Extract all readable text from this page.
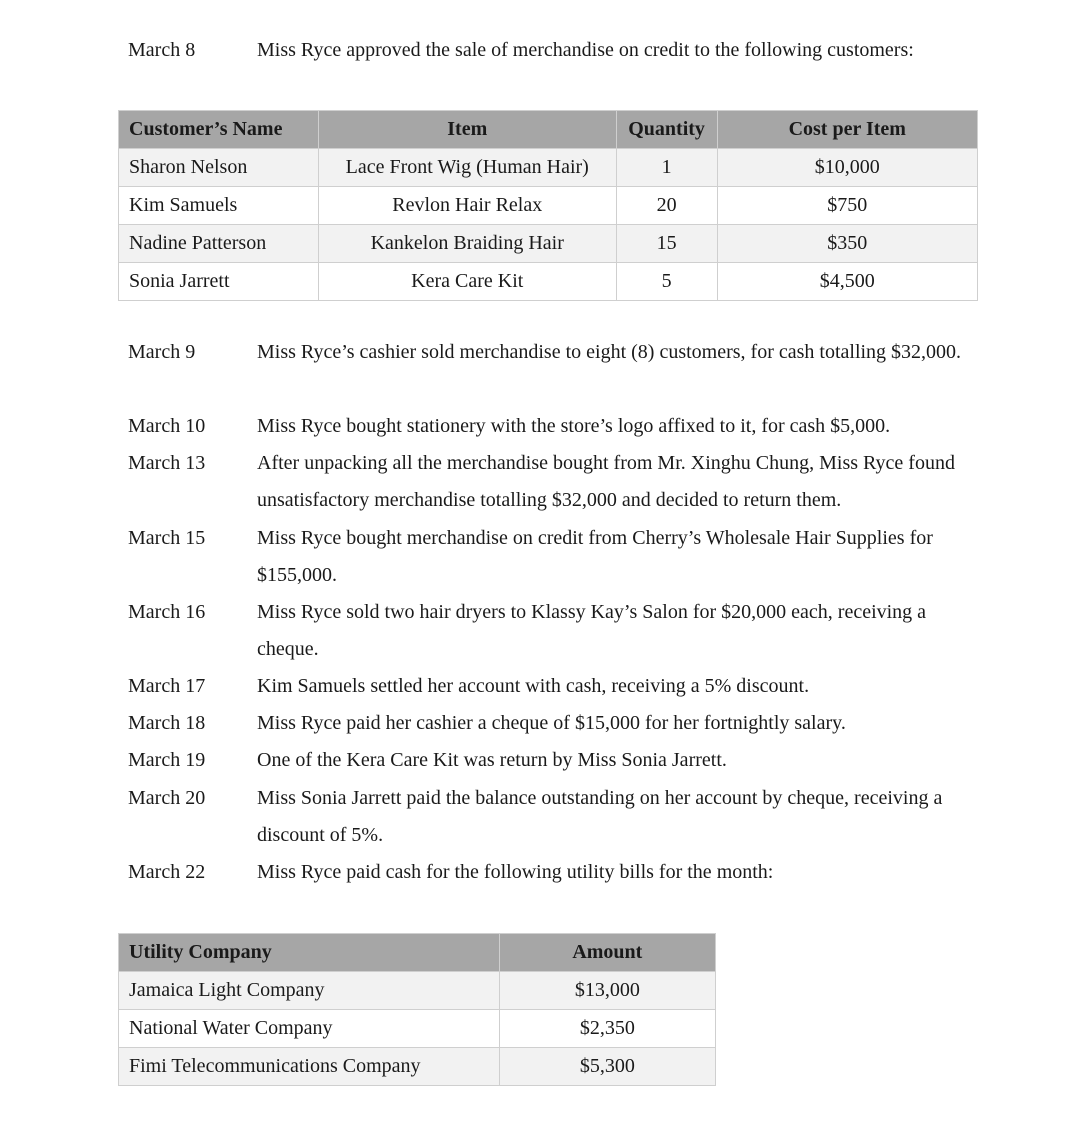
March 8	Miss Ryce approved the sale of merchandise on credit to the following customers:
Customer’s Name	Item	Quantity	Cost per Item
Sharon Nelson	Lace Front Wig (Human Hair)	1	$10,000
Kim Samuels	Revlon Hair Relax	20	$750
Nadine Patterson	Kankelon Braiding Hair	15	$350
Sonia Jarrett	Kera Care Kit	5	$4,500
March 9	Miss Ryce’s cashier sold merchandise to eight (8) customers, for cash totalling $32,000.
March 10	Miss Ryce bought stationery with the store’s logo affixed to it, for cash $5,000.
March 13	After unpacking all the merchandise bought from Mr. Xinghu Chung, Miss Ryce found unsatisfactory merchandise totalling $32,000 and decided to return them.
March 15	Miss Ryce bought merchandise on credit from Cherry’s Wholesale Hair Supplies for $155,000.
March 16	Miss Ryce sold two hair dryers to Klassy Kay’s Salon for $20,000 each, receiving a cheque.
March 17	Kim Samuels settled her account with cash, receiving a 5% discount.
March 18	Miss Ryce paid her cashier a cheque of $15,000 for her fortnightly salary.
March 19	One of the Kera Care Kit was return by Miss Sonia Jarrett.
March 20	Miss Sonia Jarrett paid the balance outstanding on her account by cheque, receiving a discount of 5%.
March 22	Miss Ryce paid cash for the following utility bills for the month:
Utility Company	Amount
Jamaica Light Company	$13,000
National Water Company	$2,350
Fimi Telecommunications Company	$5,300
